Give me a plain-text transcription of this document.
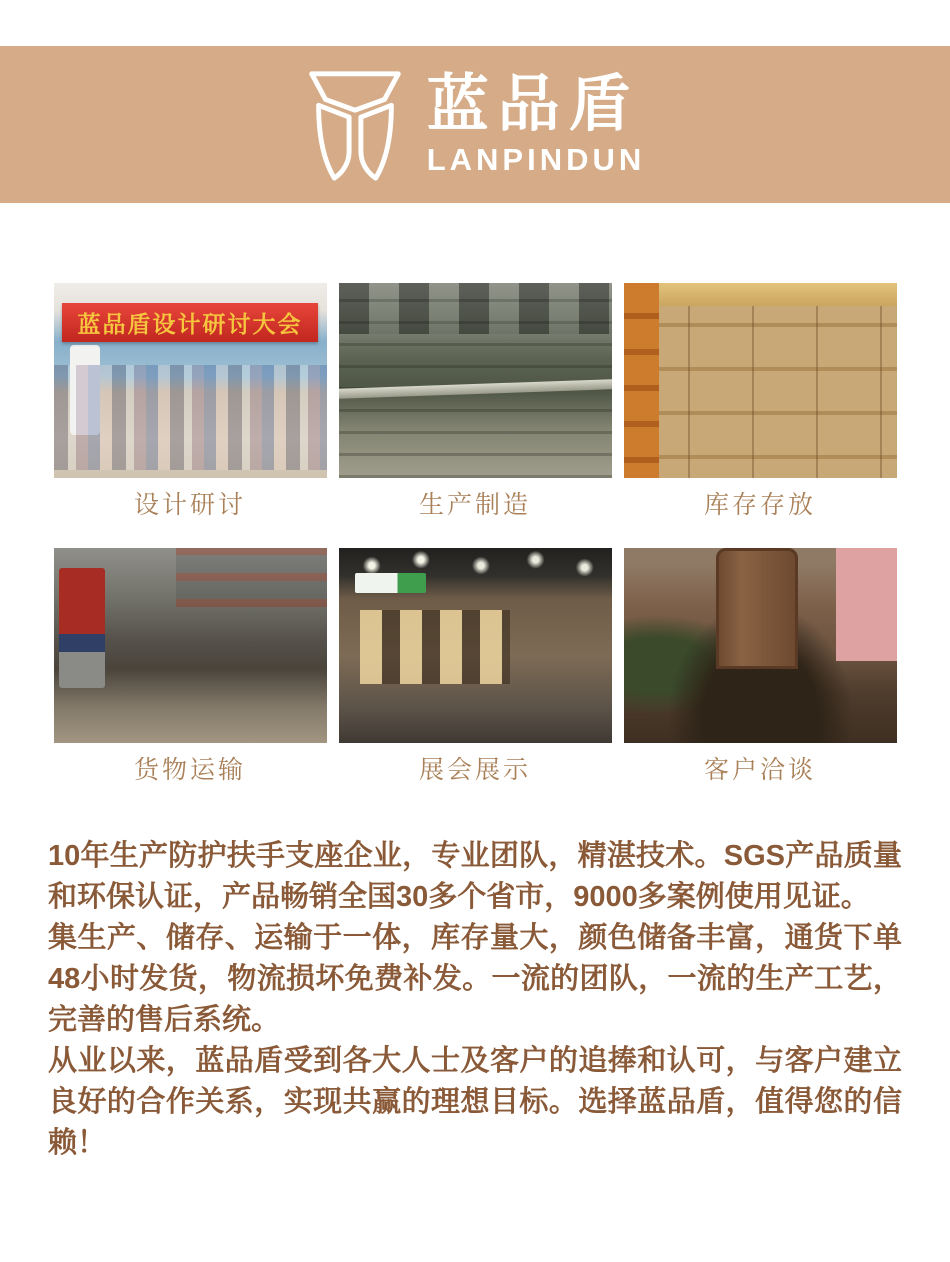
蓝品盾
LANPINDUN
蓝品盾设计研讨大会
设计研讨	生产制造	库存存放
货物运输	展会展示	客户洽谈

10年生产防护扶手支座企业，专业团队，精湛技术。SGS产品质量和环保认证，产品畅销全国30多个省市，9000多案例使用见证。

集生产、储存、运输于一体，库存量大，颜色储备丰富，通货下单48小时发货，物流损坏免费补发。一流的团队，一流的生产工艺，完善的售后系统。

从业以来，蓝品盾受到各大人士及客户的追捧和认可，与客户建立良好的合作关系，实现共赢的理想目标。选择蓝品盾，值得您的信赖！
